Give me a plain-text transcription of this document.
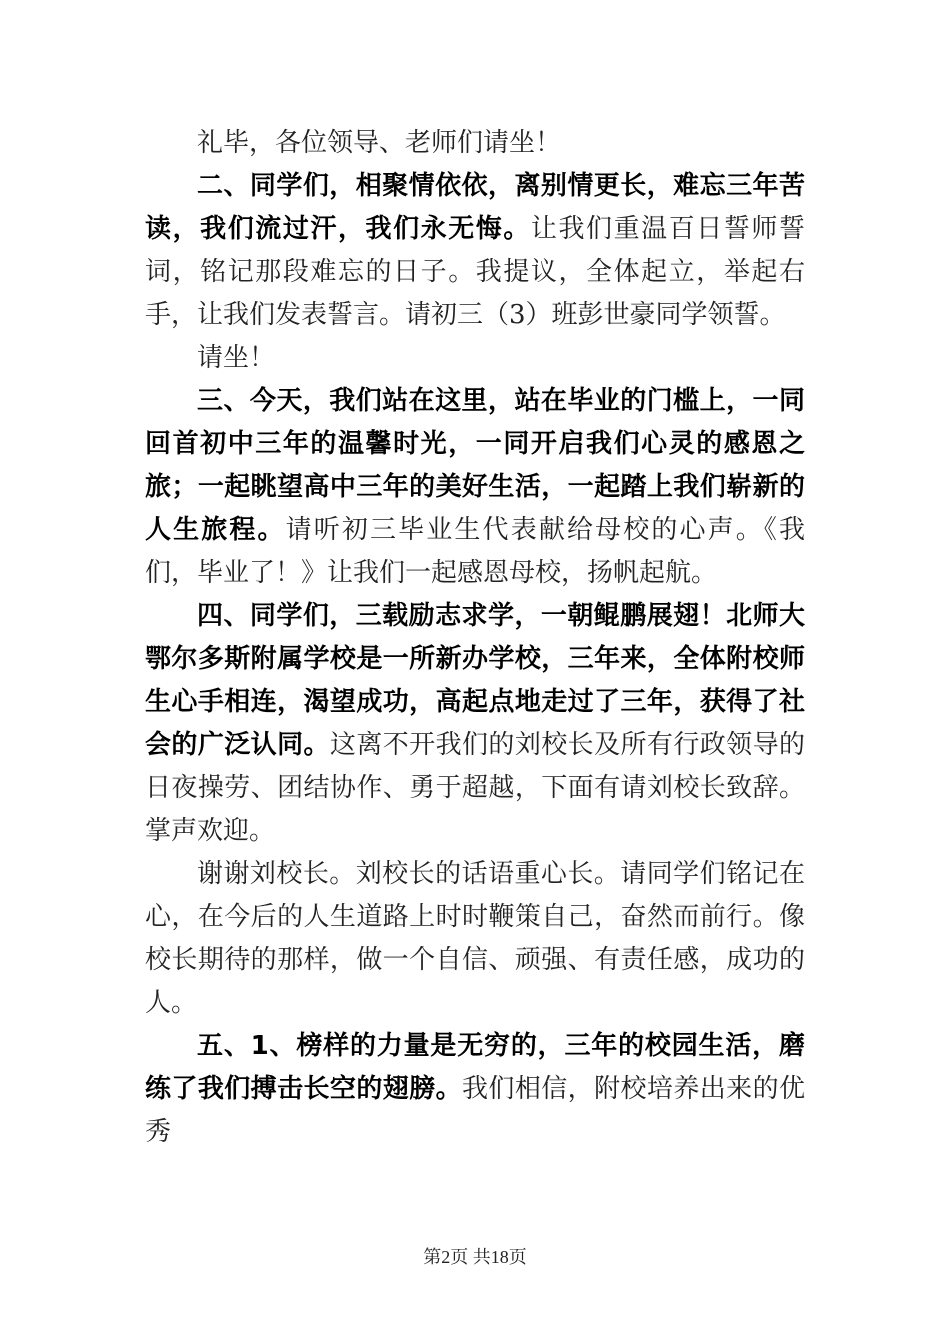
礼毕，各位领导、老师们请坐！

二、同学们，相聚情依依，离别情更长，难忘三年苦读，我们流过汗，我们永无悔。让我们重温百日誓师誓词，铭记那段难忘的日子。我提议，全体起立，举起右手，让我们发表誓言。请初三（3）班彭世豪同学领誓。

请坐！

三、今天，我们站在这里，站在毕业的门槛上，一同回首初中三年的温馨时光，一同开启我们心灵的感恩之旅；一起眺望高中三年的美好生活，一起踏上我们崭新的人生旅程。请听初三毕业生代表献给母校的心声。《我们，毕业了！》让我们一起感恩母校，扬帆起航。

四、同学们，三载励志求学，一朝鲲鹏展翅！北师大鄂尔多斯附属学校是一所新办学校，三年来，全体附校师生心手相连，渴望成功，高起点地走过了三年，获得了社会的广泛认同。这离不开我们的刘校长及所有行政领导的日夜操劳、团结协作、勇于超越，下面有请刘校长致辞。掌声欢迎。

谢谢刘校长。刘校长的话语重心长。请同学们铭记在心，在今后的人生道路上时时鞭策自己，奋然而前行。像校长期待的那样，做一个自信、顽强、有责任感，成功的人。

五、1、榜样的力量是无穷的，三年的校园生活，磨练了我们搏击长空的翅膀。我们相信，附校培养出来的优秀

第2页 共18页
